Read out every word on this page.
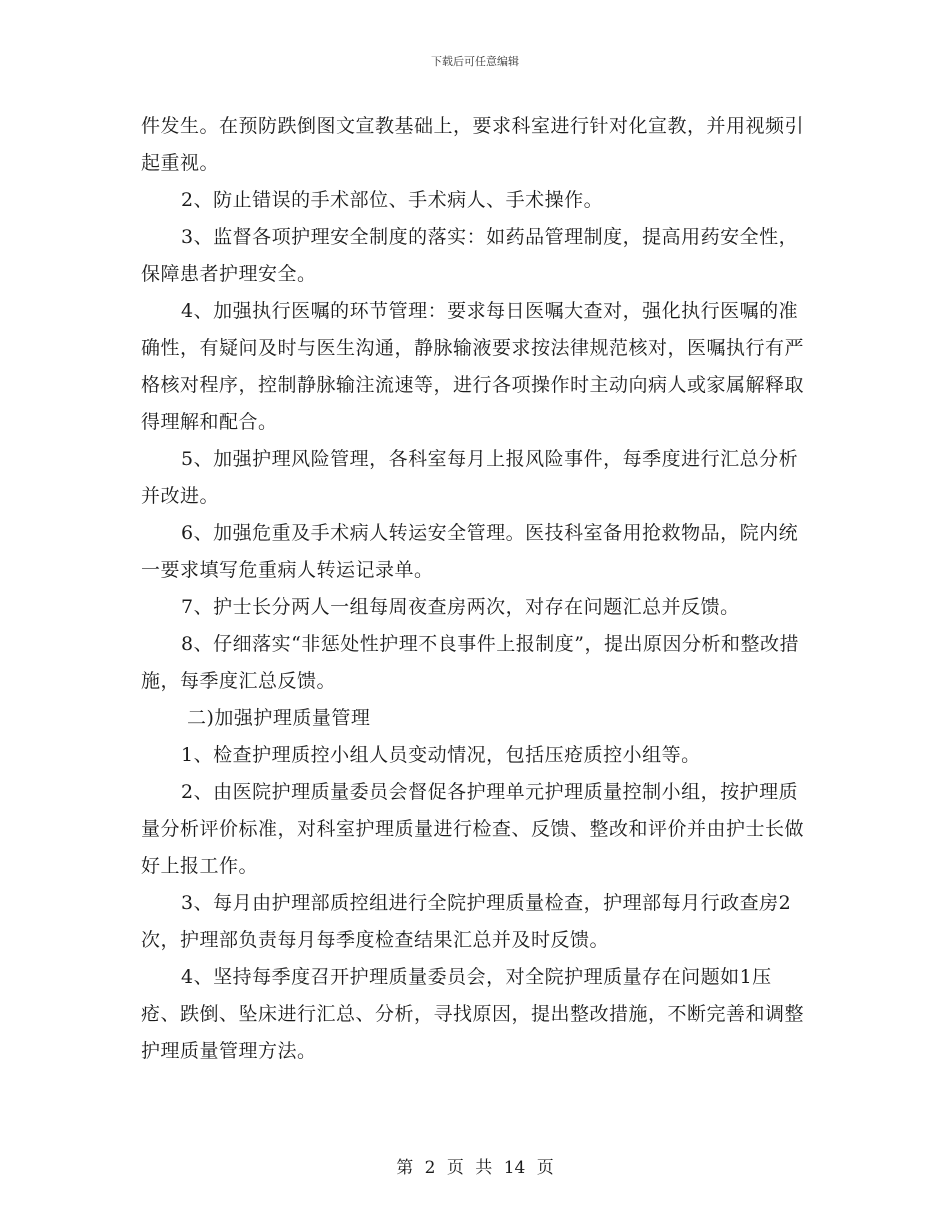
下载后可任意编辑

件发生。在预防跌倒图文宣教基础上，要求科室进行针对化宣教，并用视频引起重视。

2、防止错误的手术部位、手术病人、手术操作。

3、监督各项护理安全制度的落实：如药品管理制度，提高用药安全性，保障患者护理安全。

4、加强执行医嘱的环节管理：要求每日医嘱大查对，强化执行医嘱的准确性，有疑问及时与医生沟通，静脉输液要求按法律规范核对，医嘱执行有严格核对程序，控制静脉输注流速等，进行各项操作时主动向病人或家属解释取得理解和配合。

5、加强护理风险管理，各科室每月上报风险事件，每季度进行汇总分析并改进。

6、加强危重及手术病人转运安全管理。医技科室备用抢救物品，院内统一要求填写危重病人转运记录单。

7、护士长分两人一组每周夜查房两次，对存在问题汇总并反馈。

8、仔细落实“非惩处性护理不良事件上报制度”，提出原因分析和整改措施，每季度汇总反馈。

二)加强护理质量管理

1、检查护理质控小组人员变动情况，包括压疮质控小组等。

2、由医院护理质量委员会督促各护理单元护理质量控制小组，按护理质量分析评价标准，对科室护理质量进行检查、反馈、整改和评价并由护士长做好上报工作。

3、每月由护理部质控组进行全院护理质量检查，护理部每月行政查房2次，护理部负责每月每季度检查结果汇总并及时反馈。

4、坚持每季度召开护理质量委员会，对全院护理质量存在问题如1压疮、跌倒、坠床进行汇总、分析，寻找原因，提出整改措施，不断完善和调整护理质量管理方法。

第 2 页 共 14 页
